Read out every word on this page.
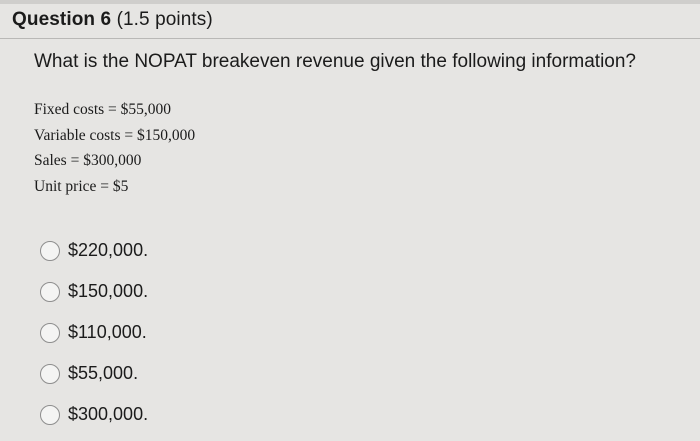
Question 6 (1.5 points)
What is the NOPAT breakeven revenue given the following information?
Fixed costs = $55,000
Variable costs = $150,000
Sales = $300,000
Unit price = $5
$220,000.
$150,000.
$110,000.
$55,000.
$300,000.
